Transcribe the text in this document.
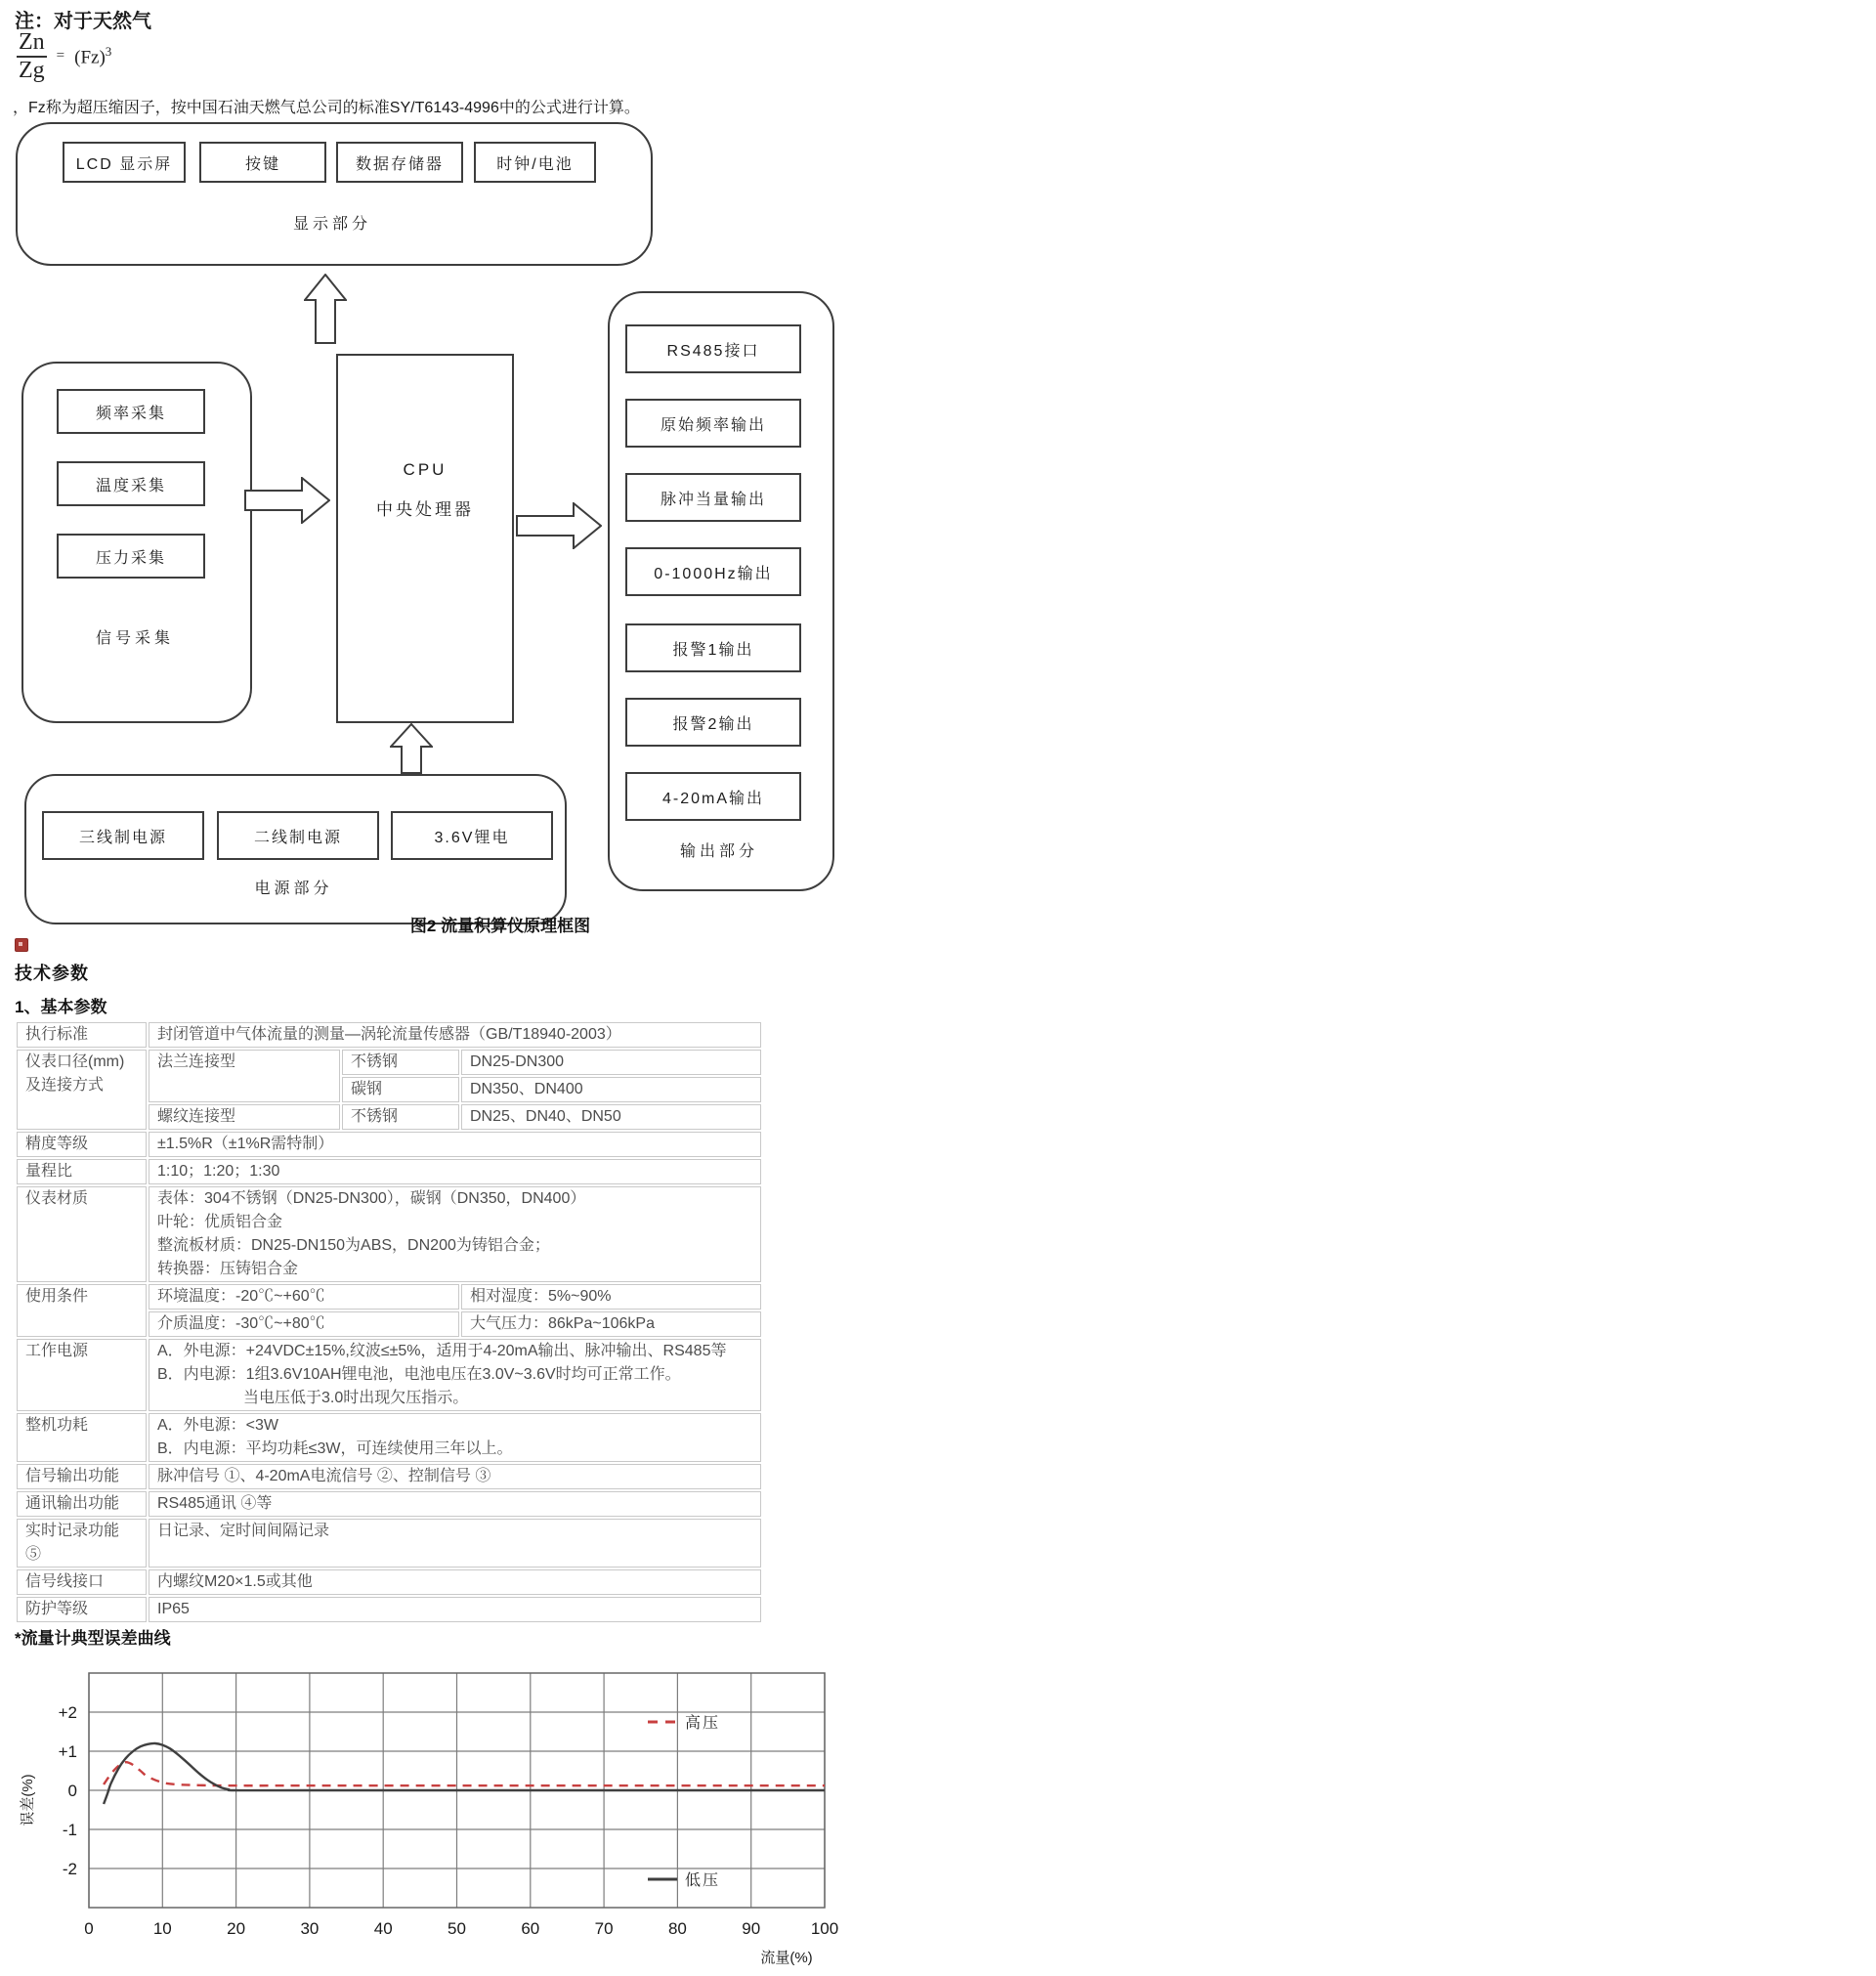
注：对于天然气
$\frac{Zn}{Zg} = (Fz)^3$
，Fz称为超压缩因子，按中国石油天燃气总公司的标准SY/T6143-4996中的公式进行计算。
LCD 显示屏	按键	数据存储器	时钟/电池
显示部分
频率采集
温度采集
压力采集
信号采集
CPU
中央处理器
三线制电源	二线制电源	3.6V锂电
电源部分
RS485接口
原始频率输出
脉冲当量输出
0-1000Hz输出
报警1输出
报警2输出
4-20mA输出
输出部分
图2 流量积算仪原理框图
技术参数
1、基本参数
执行标准	封闭管道中气体流量的测量—涡轮流量传感器（GB/T18940-2003）		

仪表口径(mm)
及连接方式	法兰连接型	不锈钢	DN25-DN300
		碳钢	DN350、DN400
	螺纹连接型	不锈钢	DN25、DN40、DN50
精度等级	±1.5%R（±1%R需特制）		
量程比	1:10；1:20；1:30		
仪表材质	表体：304不锈钢（DN25-DN300），碳钢（DN350，DN400）
叶轮：优质铝合金
整流板材质：DN25-DN150为ABS，DN200为铸铝合金；
转换器：压铸铝合金		

使用条件	环境温度：-20℃~+60℃		相对湿度：5%~90%
	介质温度：-30℃~+80℃		大气压力：86kPa~106kPa
工作电源	A．外电源：+24VDC±15%,纹波≤±5%，适用于4-20mA输出、脉冲输出、RS485等
B．内电源：1组3.6V10AH锂电池，电池电压在3.0V~3.6V时均可正常工作。
当电压低于3.0时出现欠压指示。		

整机功耗	A．外电源：<3W
B．内电源：平均功耗≤3W，可连续使用三年以上。		

信号输出功能	脉冲信号 ①、4-20mA电流信号 ②、控制信号 ③		
通讯输出功能	RS485通讯 ④等		
实时记录功能 ⑤	日记录、定时间间隔记录		
信号线接口	内螺纹M20×1.5或其他		
防护等级	IP65		
*流量计典型误差曲线
0	10	20	30	40	50	60	70	80	90	100
+2
+1
0
-1
-2
高压
低压
误差(%)
流量(%)
